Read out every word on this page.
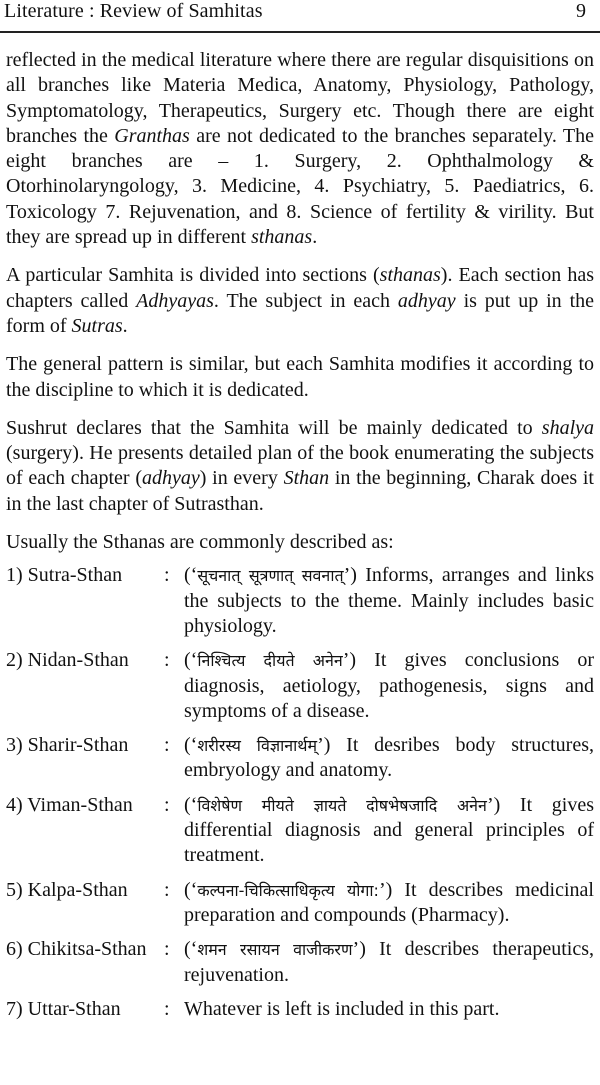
Literature : Review of Samhitas	9

reflected in the medical literature where there are regular disquisitions on all branches like Materia Medica, Anatomy, Physiology, Pathology, Symptomatology, Therapeutics, Surgery etc. Though there are eight branches the Granthas are not dedicated to the branches separately. The eight branches are – 1. Surgery, 2. Ophthalmology & Otorhinolaryngology, 3. Medicine, 4. Psychiatry, 5. Paediatrics, 6. Toxicology 7. Rejuvenation, and 8. Science of fertility & virility. But they are spread up in different sthanas.

A particular Samhita is divided into sections (sthanas). Each section has chapters called Adhyayas. The subject in each adhyay is put up in the form of Sutras.

The general pattern is similar, but each Samhita modifies it according to the discipline to which it is dedicated.

Sushrut declares that the Samhita will be mainly dedicated to shalya (surgery). He presents detailed plan of the book enumerating the subjects of each chapter (adhyay) in every Sthan in the beginning, Charak does it in the last chapter of Sutrasthan.

Usually the Sthanas are commonly described as:

1) Sutra-Sthan	: (‘सूचनात् सूत्रणात् सवनात्’) Informs, arranges and links the subjects to the theme. Mainly includes basic physiology.
2) Nidan-Sthan	: (‘निश्चित्य दीयते अनेन’) It gives conclusions or diagnosis, aetiology, pathogenesis, signs and symptoms of a disease.
3) Sharir-Sthan	: (‘शरीरस्य विज्ञानार्थम्’) It desribes body structures, embryology and anatomy.
4) Viman-Sthan	: (‘विशेषेण मीयते ज्ञायते दोषभेषजादि अनेन’) It gives differential diagnosis and general principles of treatment.
5) Kalpa-Sthan	: (‘कल्पना-चिकित्साधिकृत्य योगा:’) It describes medicinal preparation and compounds (Pharmacy).
6) Chikitsa-Sthan : (‘शमन रसायन वाजीकरण’) It describes therapeutics, rejuvenation.
7) Uttar-Sthan	: Whatever is left is included in this part.
